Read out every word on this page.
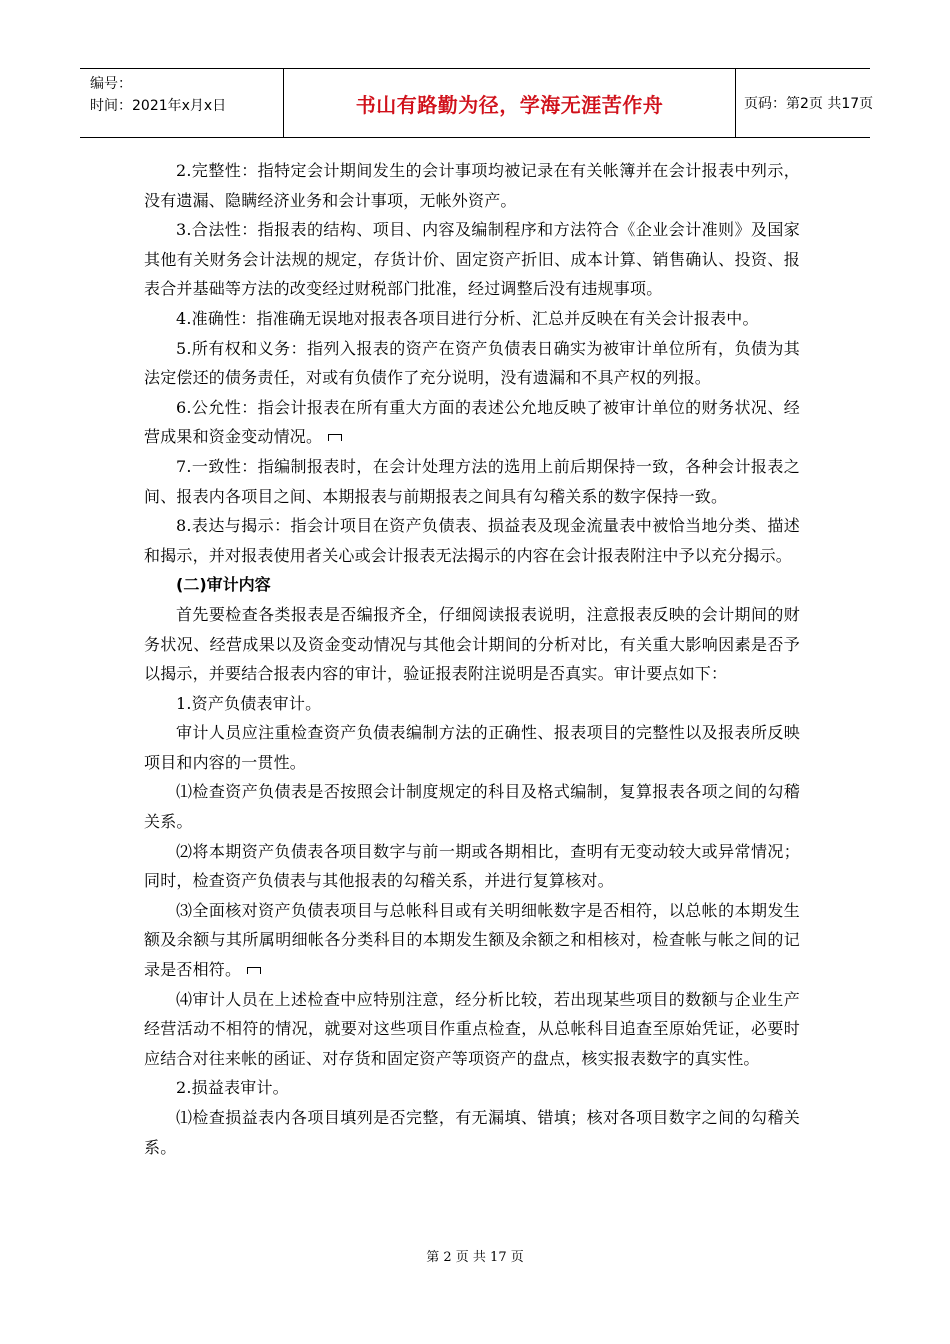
编号：
时间：2021年x月x日	书山有路勤为径，学海无涯苦作舟	页码：第2页 共17页

2.完整性：指特定会计期间发生的会计事项均被记录在有关帐簿并在会计报表中列示，没有遗漏、隐瞒经济业务和会计事项，无帐外资产。

3.合法性：指报表的结构、项目、内容及编制程序和方法符合《企业会计准则》及国家其他有关财务会计法规的规定，存货计价、固定资产折旧、成本计算、销售确认、投资、报表合并基础等方法的改变经过财税部门批准，经过调整后没有违规事项。

4.准确性：指准确无误地对报表各项目进行分析、汇总并反映在有关会计报表中。

5.所有权和义务：指列入报表的资产在资产负债表日确实为被审计单位所有，负债为其法定偿还的债务责任，对或有负债作了充分说明，没有遗漏和不具产权的列报。

6.公允性：指会计报表在所有重大方面的表述公允地反映了被审计单位的财务状况、经营成果和资金变动情况。

7.一致性：指编制报表时，在会计处理方法的选用上前后期保持一致，各种会计报表之间、报表内各项目之间、本期报表与前期报表之间具有勾稽关系的数字保持一致。

8.表达与揭示：指会计项目在资产负债表、损益表及现金流量表中被恰当地分类、描述和揭示，并对报表使用者关心或会计报表无法揭示的内容在会计报表附注中予以充分揭示。

(二)审计内容

首先要检查各类报表是否编报齐全，仔细阅读报表说明，注意报表反映的会计期间的财务状况、经营成果以及资金变动情况与其他会计期间的分析对比，有关重大影响因素是否予以揭示，并要结合报表内容的审计，验证报表附注说明是否真实。审计要点如下：

1.资产负债表审计。

审计人员应注重检查资产负债表编制方法的正确性、报表项目的完整性以及报表所反映项目和内容的一贯性。

⑴检查资产负债表是否按照会计制度规定的科目及格式编制，复算报表各项之间的勾稽关系。

⑵将本期资产负债表各项目数字与前一期或各期相比，查明有无变动较大或异常情况；同时，检查资产负债表与其他报表的勾稽关系，并进行复算核对。

⑶全面核对资产负债表项目与总帐科目或有关明细帐数字是否相符，以总帐的本期发生额及余额与其所属明细帐各分类科目的本期发生额及余额之和相核对，检查帐与帐之间的记录是否相符。

⑷审计人员在上述检查中应特别注意，经分析比较，若出现某些项目的数额与企业生产经营活动不相符的情况，就要对这些项目作重点检查，从总帐科目追查至原始凭证，必要时应结合对往来帐的函证、对存货和固定资产等项资产的盘点，核实报表数字的真实性。

2.损益表审计。

⑴检查损益表内各项目填列是否完整，有无漏填、错填；核对各项目数字之间的勾稽关系。

第 2 页 共 17 页
